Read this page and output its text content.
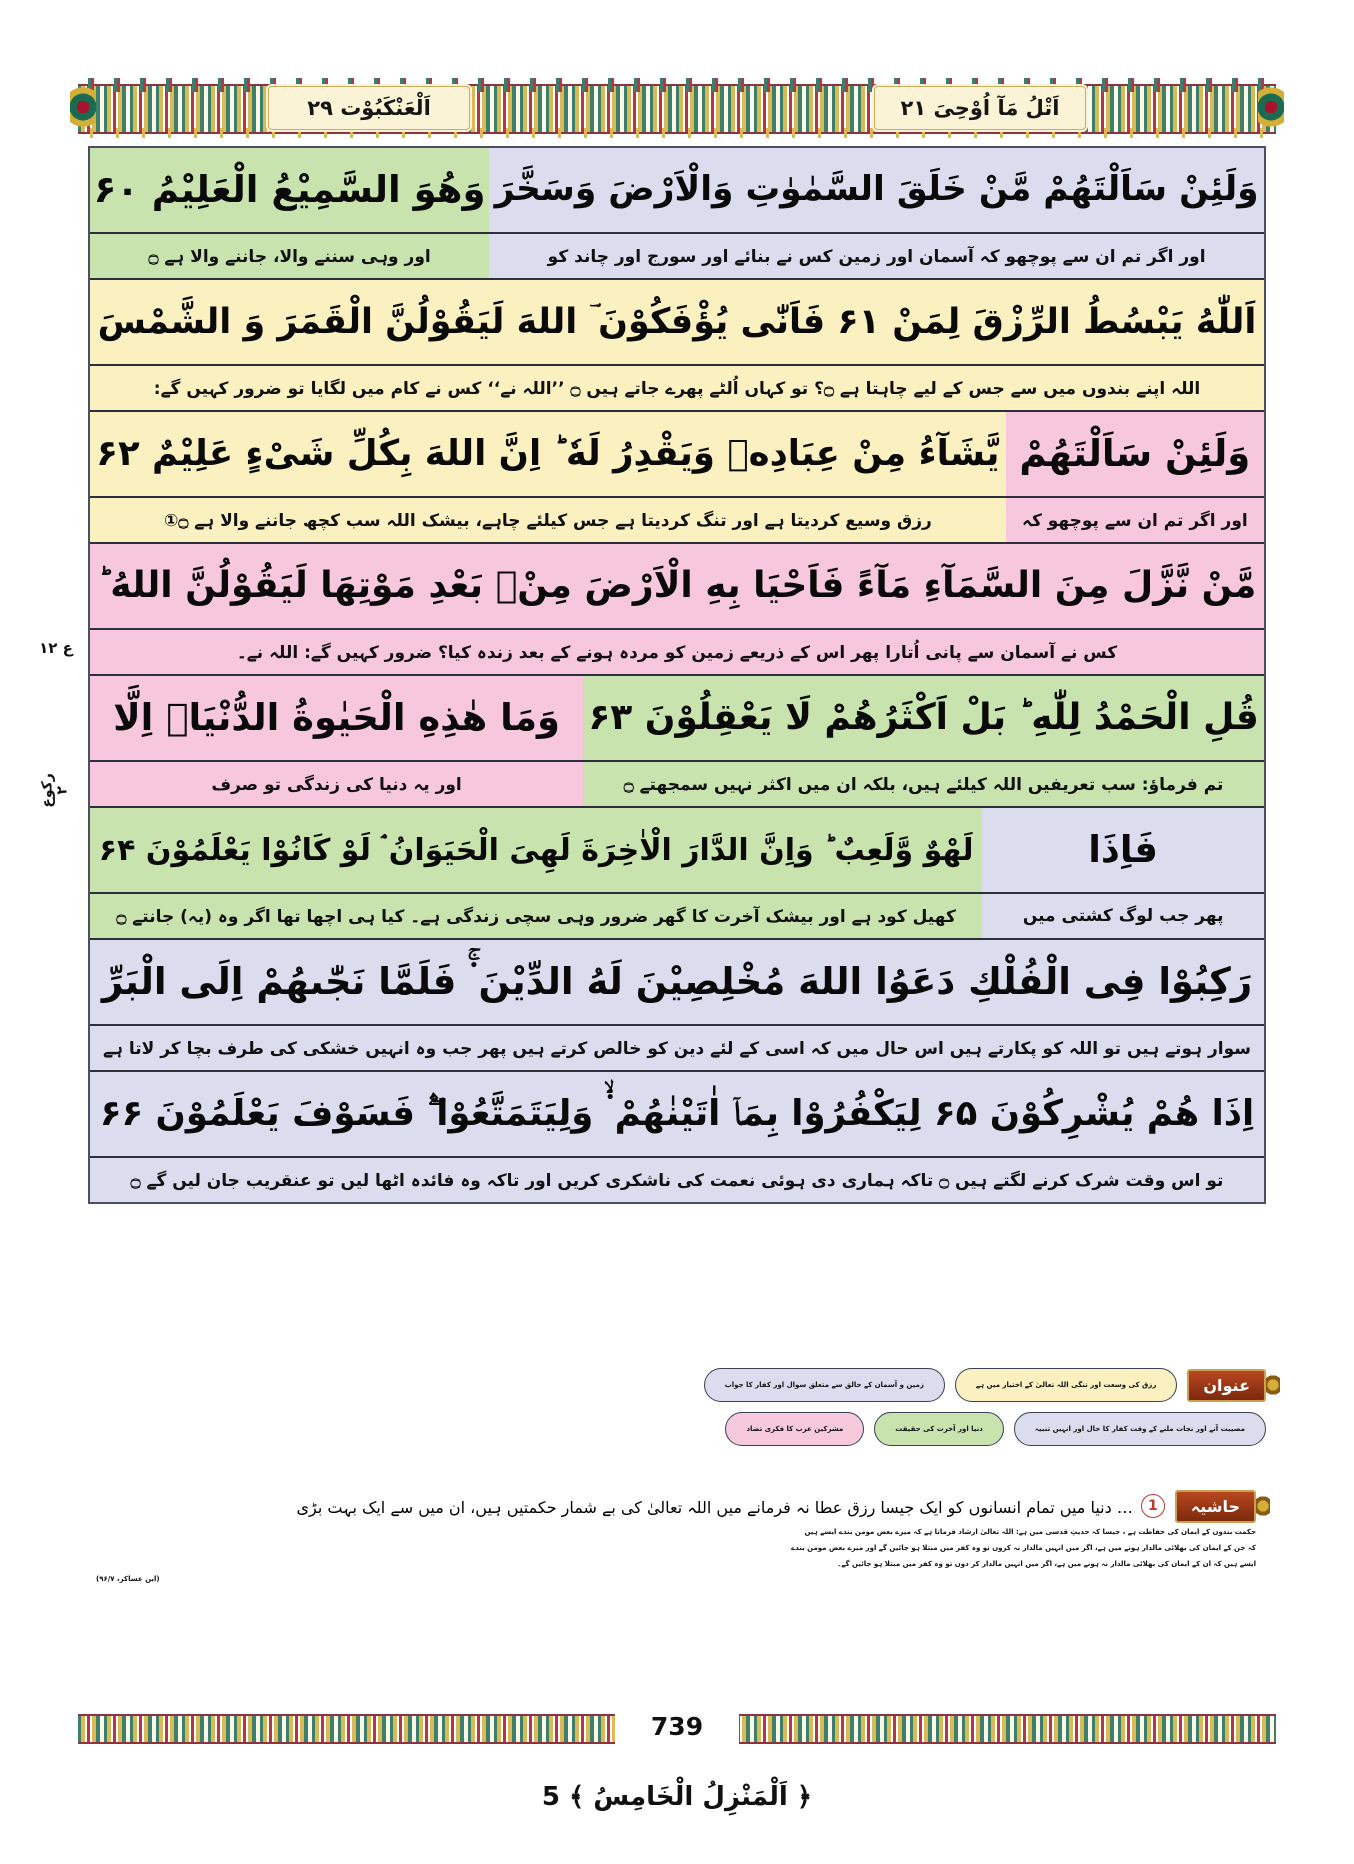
اَلْعَنْكَبُوْت ٢٩	اَتْلُ مَآ اُوْحِیَ ٢١
وَلَئِنْ سَاَلْتَهُمْ مَّنْ خَلَقَ السَّمٰوٰتِ وَالْاَرْضَ وَسَخَّرَ
وَهُوَ السَّمِیْعُ الْعَلِیْمُ ۶۰
اور اگر تم ان سے پوچھو کہ آسمان اور زمین کس نے بنائے اور سورج اور چاند کو
اور وہی سننے والا، جاننے والا ہے ۝
اَللّٰهُ یَبْسُطُ الرِّزْقَ لِمَنْ ۶۱ فَاَنّٰی یُؤْفَكُوْنَ ؔ اللهَ لَیَقُوْلُنَّ الْقَمَرَ وَ الشَّمْسَ
اللہ اپنے بندوں میں سے جس کے لیے چاہتا ہے ۝؟ تو کہاں اُلٹے پھرے جاتے ہیں ۝ ’’اللہ نے‘‘ کس نے کام میں لگایا تو ضرور کہیں گے:
وَلَئِنْ سَاَلْتَهُمْ
یَّشَآءُ مِنْ عِبَادِهٖ وَیَقْدِرُ لَهٗ ؕ اِنَّ اللهَ بِكُلِّ شَیْءٍ عَلِیْمٌ ۶۲
اور اگر تم ان سے پوچھو کہ
رزق وسیع کردیتا ہے اور تنگ کردیتا ہے جس کیلئے چاہے، بیشک اللہ سب کچھ جاننے والا ہے ۝①
مَّنْ نَّزَّلَ مِنَ السَّمَآءِ مَآءً فَاَحْیَا بِهِ الْاَرْضَ مِنْۢ بَعْدِ مَوْتِهَا لَیَقُوْلُنَّ اللهُ ؕ
کس نے آسمان سے پانی اُتارا پھر اس کے ذریعے زمین کو مردہ ہونے کے بعد زندہ کیا؟ ضرور کہیں گے: اللہ نے۔
قُلِ الْحَمْدُ لِلّٰهِ ؕ بَلْ اَكْثَرُهُمْ لَا یَعْقِلُوْنَ ۶۳
وَمَا هٰذِهِ الْحَیٰوةُ الدُّنْیَاۤ اِلَّا
تم فرماؤ: سب تعریفیں اللہ کیلئے ہیں، بلکہ ان میں اکثر نہیں سمجھتے ۝
اور یہ دنیا کی زندگی تو صرف
فَاِذَا
لَهْوٌ وَّلَعِبٌ ؕ وَاِنَّ الدَّارَ الْاٰخِرَةَ لَهِیَ الْحَیَوَانُ ۘ لَوْ كَانُوْا یَعْلَمُوْنَ ۶۴
پھر جب لوگ کشتی میں
کھیل کود ہے اور بیشک آخرت کا گھر ضرور وہی سچی زندگی ہے۔ کیا ہی اچھا تھا اگر وہ (یہ) جانتے ۝
رَكِبُوْا فِی الْفُلْكِ دَعَوُا اللهَ مُخْلِصِیْنَ لَهُ الدِّیْنَ ۬ۚ فَلَمَّا نَجّٰىهُمْ اِلَى الْبَرِّ
سوار ہوتے ہیں تو اللہ کو پکارتے ہیں اس حال میں کہ اسی کے لئے دین کو خالص کرتے ہیں پھر جب وہ انہیں خشکی کی طرف بچا کر لاتا ہے
اِذَا هُمْ یُشْرِكُوْنَ ۶۵ لِیَكْفُرُوْا بِمَاۤ اٰتَیْنٰهُمْ ۬ۙ وَلِیَتَمَتَّعُوْا ۫ۖ فَسَوْفَ یَعْلَمُوْنَ ۶۶
تو اس وقت شرک کرنے لگتے ہیں ۝ تاکہ ہماری دی ہوئی نعمت کی ناشکری کریں اور تاکہ وہ فائدہ اٹھا لیں تو عنقریب جان لیں گے ۝
ع ١٢
رکوع ۲
عنوان
رزق کی وسعت اور تنگی اللہ تعالیٰ کے اختیار میں ہے
زمین و آسمان کے خالق سے متعلق سوال اور کفار کا جواب
مصیبت آنے اور نجات ملنے کے وقت کفار کا حال اور انہیں تنبیہ
دنیا اور آخرت کی حقیقت
مشرکین عرب کا فکری تضاد
حاشیہ
1
… دنیا میں تمام انسانوں کو ایک جیسا رزق عطا نہ فرمانے میں اللہ تعالیٰ کی بے شمار حکمتیں ہیں، ان میں سے ایک بہت بڑی
حکمت بندوں کے ایمان کی حفاظت ہے ، جیسا کہ حدیثِ قدسی میں ہے: اللہ تعالیٰ ارشاد فرماتا ہے کہ میرے بعض مومن بندے ایسے ہیں
کہ جن کے ایمان کی بھلائی مالدار ہونے میں ہے، اگر میں انہیں مالدار نہ کروں تو وہ کفر میں مبتلا ہو جائیں گے اور میرے بعض مومن بندے
ایسے ہیں کہ ان کے ایمان کی بھلائی مالدار نہ ہونے میں ہے، اگر میں انہیں مالدار کر دوں تو وہ کفر میں مبتلا ہو جائیں گے۔
(ابن عساکر، ۹۶/۷)
739
﴿ اَلْمَنْزِلُ الْخَامِسُ ﴾ 5
